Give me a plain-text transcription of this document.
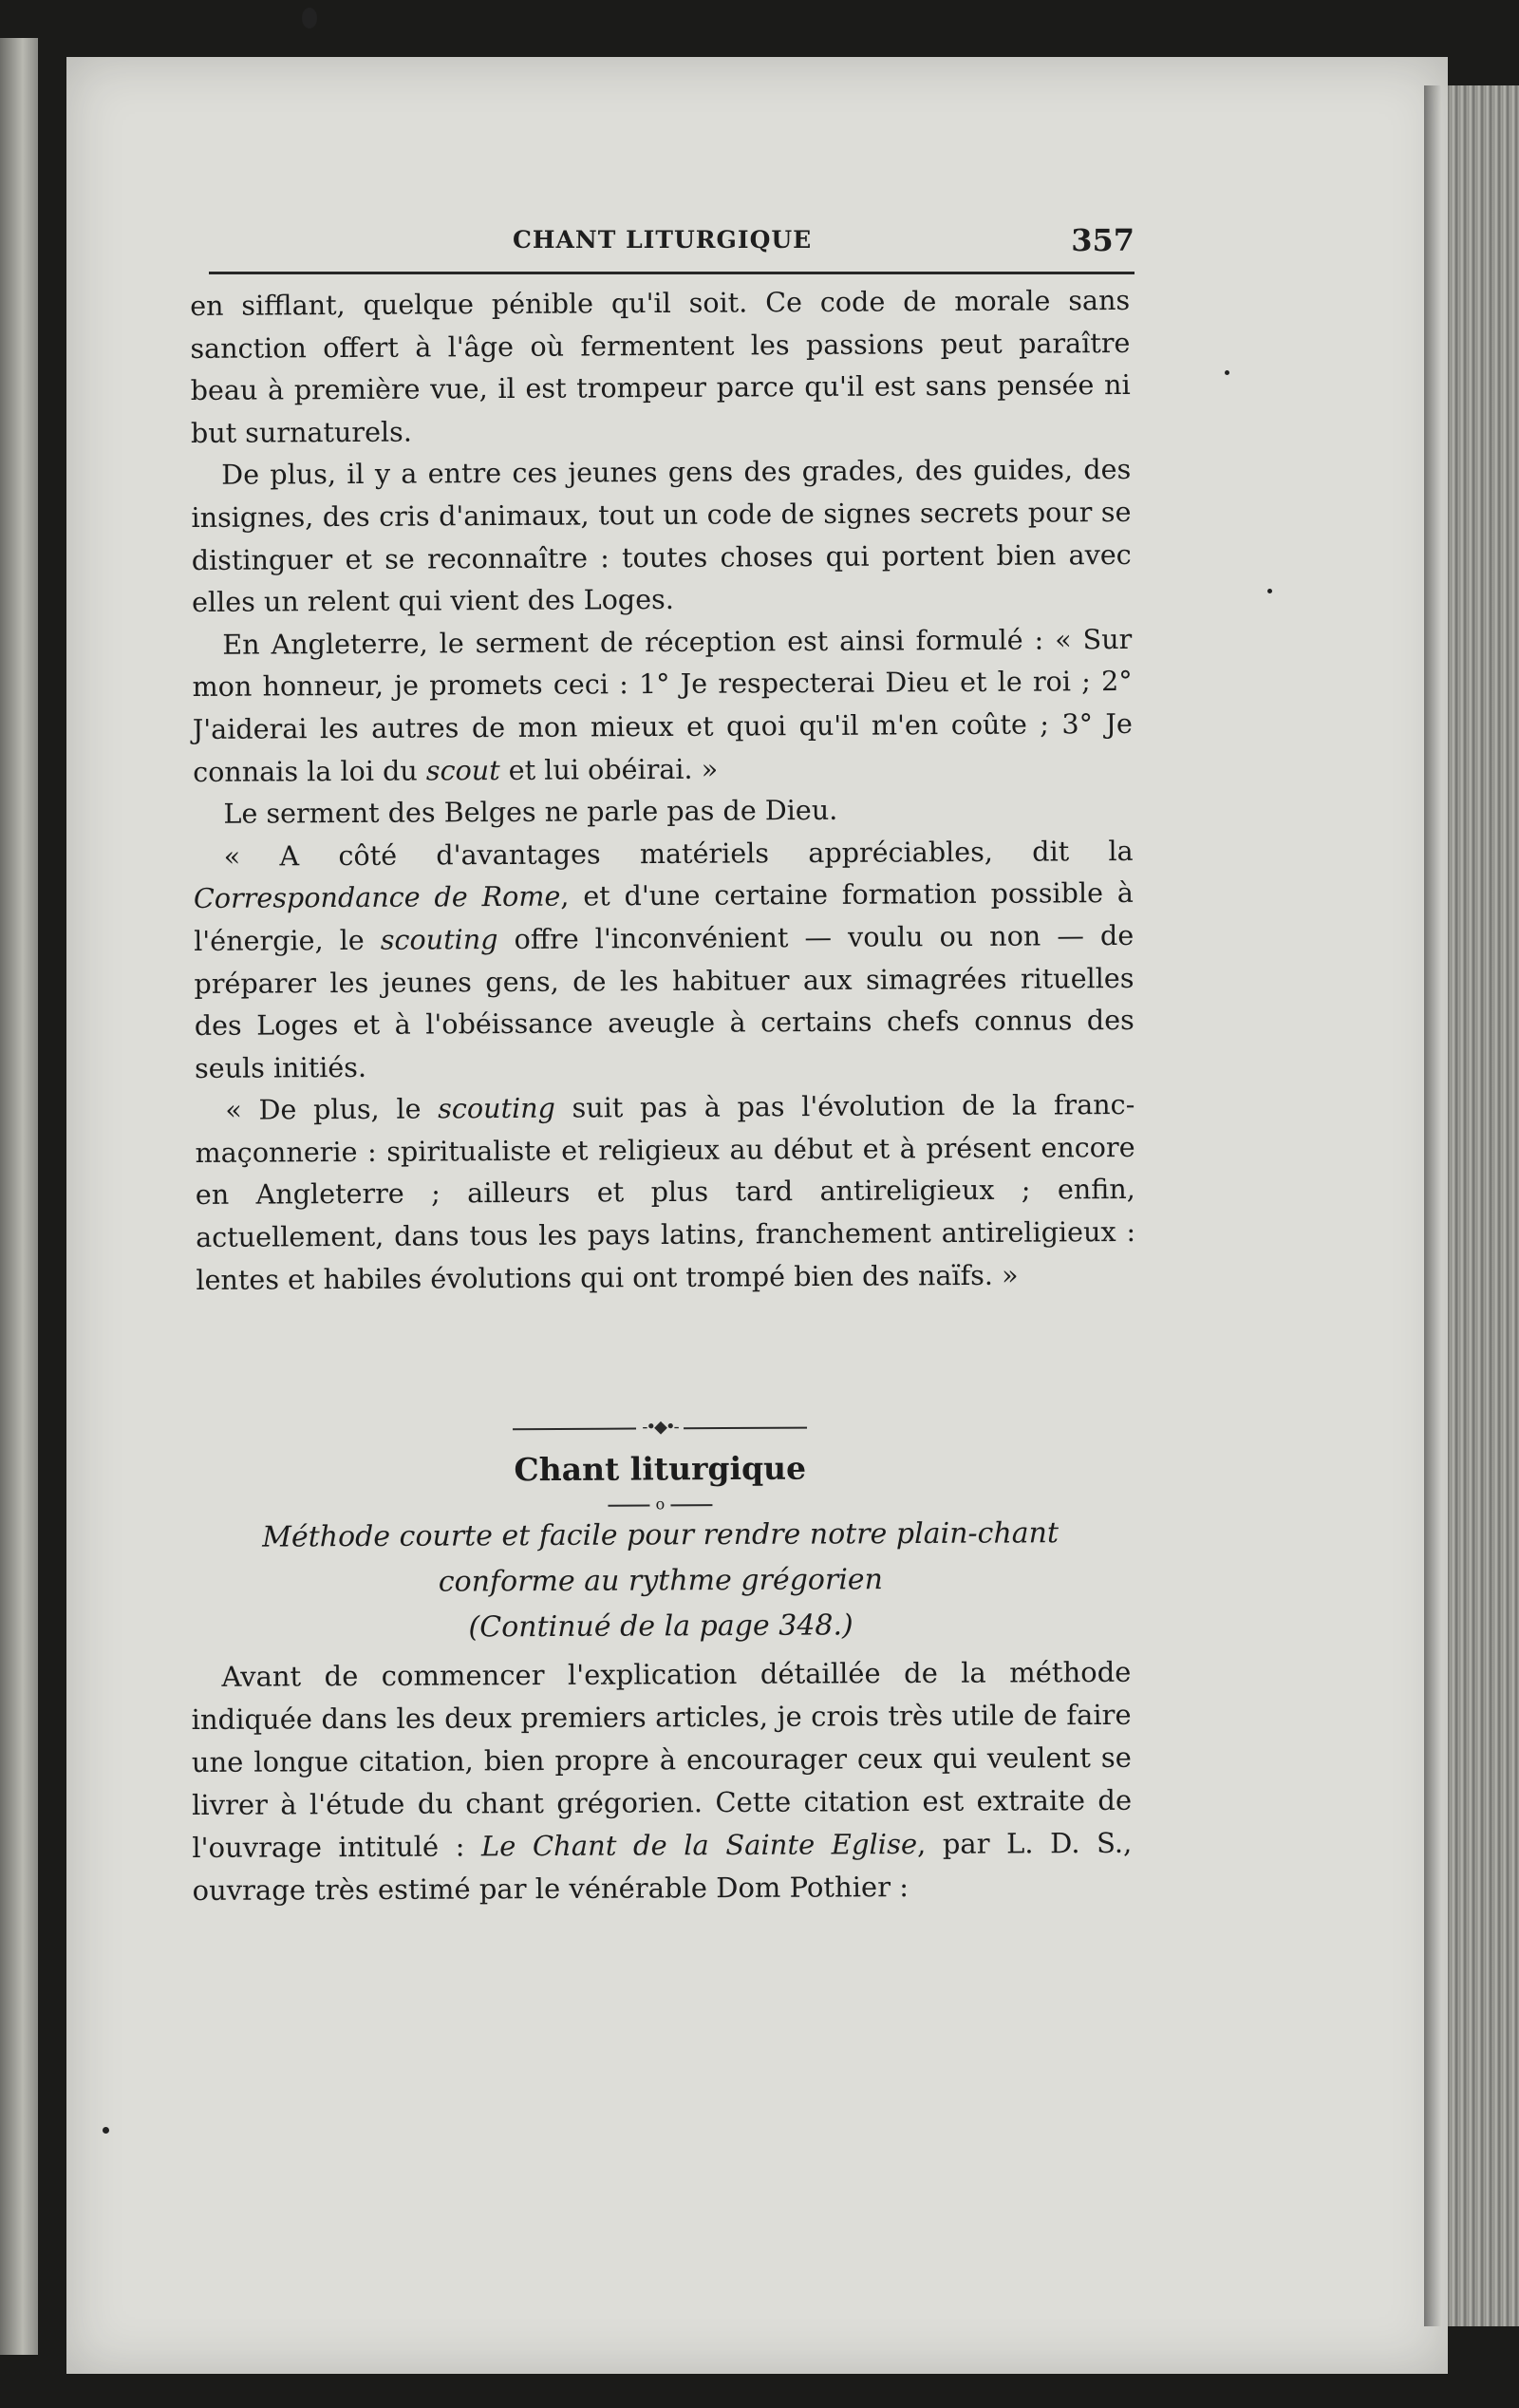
CHANT LITURGIQUE	357

en sifflant, quelque pénible qu'il soit. Ce code de morale sans sanction offert à l'âge où fermentent les passions peut paraître beau à première vue, il est trompeur parce qu'il est sans pensée ni but surnaturels.

De plus, il y a entre ces jeunes gens des grades, des guides, des insignes, des cris d'animaux, tout un code de signes secrets pour se distinguer et se reconnaître : toutes choses qui portent bien avec elles un relent qui vient des Loges.

En Angleterre, le serment de réception est ainsi formulé : « Sur mon honneur, je promets ceci : 1° Je respecterai Dieu et le roi ; 2° J'aiderai les autres de mon mieux et quoi qu'il m'en coûte ; 3° Je connais la loi du scout et lui obéirai. »

Le serment des Belges ne parle pas de Dieu.

« A côté d'avantages matériels appréciables, dit la Correspondance de Rome, et d'une certaine formation possible à l'énergie, le scouting offre l'inconvénient — voulu ou non — de préparer les jeunes gens, de les habituer aux simagrées rituelles des Loges et à l'obéissance aveugle à certains chefs connus des seuls initiés.

« De plus, le scouting suit pas à pas l'évolution de la franc-maçonnerie : spiritualiste et religieux au début et à présent encore en Angleterre ; ailleurs et plus tard antireligieux ; enfin, actuellement, dans tous les pays latins, franchement antireligieux : lentes et habiles évolutions qui ont trompé bien des naïfs. »

-•◆•-
Chant liturgique
o
Méthode courte et facile pour rendre notre plain-chant
conforme au rythme grégorien
(Continué de la page 348.)

Avant de commencer l'explication détaillée de la méthode indiquée dans les deux premiers articles, je crois très utile de faire une longue citation, bien propre à encourager ceux qui veulent se livrer à l'étude du chant grégorien. Cette citation est extraite de l'ouvrage intitulé : Le Chant de la Sainte Eglise, par L. D. S., ouvrage très estimé par le vénérable Dom Pothier :
